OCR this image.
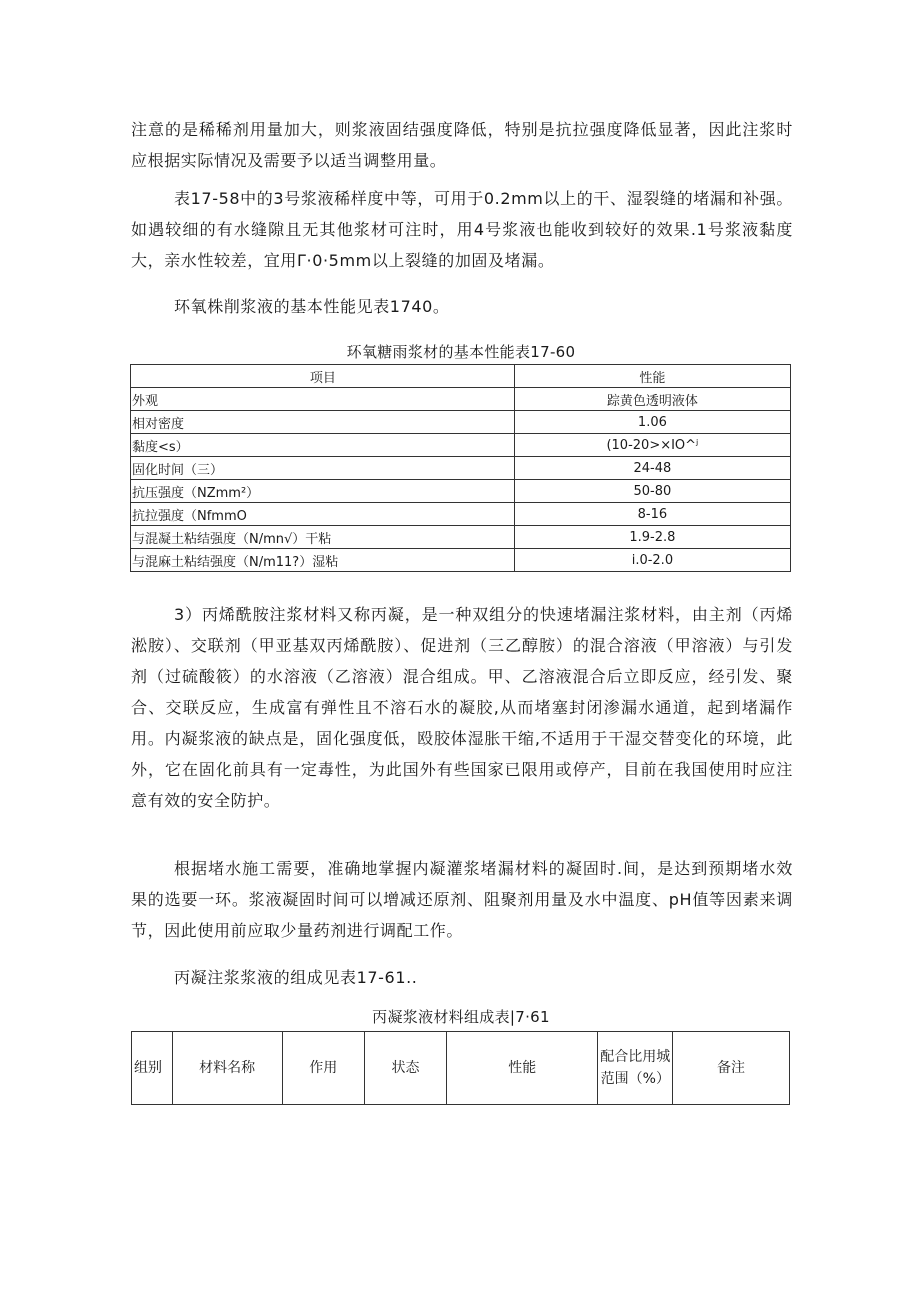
注意的是稀稀剂用量加大，则浆液固结强度降低，特别是抗拉强度降低显著，因此注浆时应根据实际情况及需要予以适当调整用量。

表17-58中的3号浆液稀样度中等，可用于0.2mm以上的干、湿裂缝的堵漏和补强。如遇较细的有水缝隙且无其他浆材可注时，用4号浆液也能收到较好的效果.1号浆液黏度大，亲水性较差，宜用Γ·0·5mm以上裂缝的加固及堵漏。

环氧株削浆液的基本性能见表1740。

环氧糖雨浆材的基本性能表17-60

项目	性能
外观	踪黄色透明液体
相对密度	1.06
黏度<s）	(10-20>×IO^ʲ
固化时间（三）	24-48
抗压强度（NZmm²）	50-80
抗拉强度（NfmmO	8-16
与混凝土粘结强度（N/mn√）干粘	1.9-2.8
与混麻土粘结强度（N/m11?）湿粘	i.0-2.0

3）丙烯酰胺注浆材料又称丙凝，是一种双组分的快速堵漏注浆材料，由主剂（丙烯淞胺）、交联剂（甲亚基双丙烯酰胺）、促进剂（三乙醇胺）的混合溶液（甲溶液）与引发剂（过硫酸筱）的水溶液（乙溶液）混合组成。甲、乙溶液混合后立即反应，经引发、聚合、交联反应，生成富有弹性且不溶石水的凝胶,从而堵塞封闭渗漏水通道，起到堵漏作用。内凝浆液的缺点是，固化强度低，殴胶体湿胀干缩,不适用于干湿交替变化的环境，此外，它在固化前具有一定毒性，为此国外有些国家已限用或停产，目前在我国使用时应注意有效的安全防护。

根据堵水施工需要，准确地掌握内凝灌浆堵漏材料的凝固时.间，是达到预期堵水效果的选要一环。浆液凝固时间可以增减还原剂、阻聚剂用量及水中温度、pH值等因素来调节，因此使用前应取少量药剂进行调配工作。

丙凝注浆浆液的组成见表17-61..

丙凝浆液材料组成表|7·61

组别	材料名称	作用	状态	性能	配合比用城范围（%）	备注
